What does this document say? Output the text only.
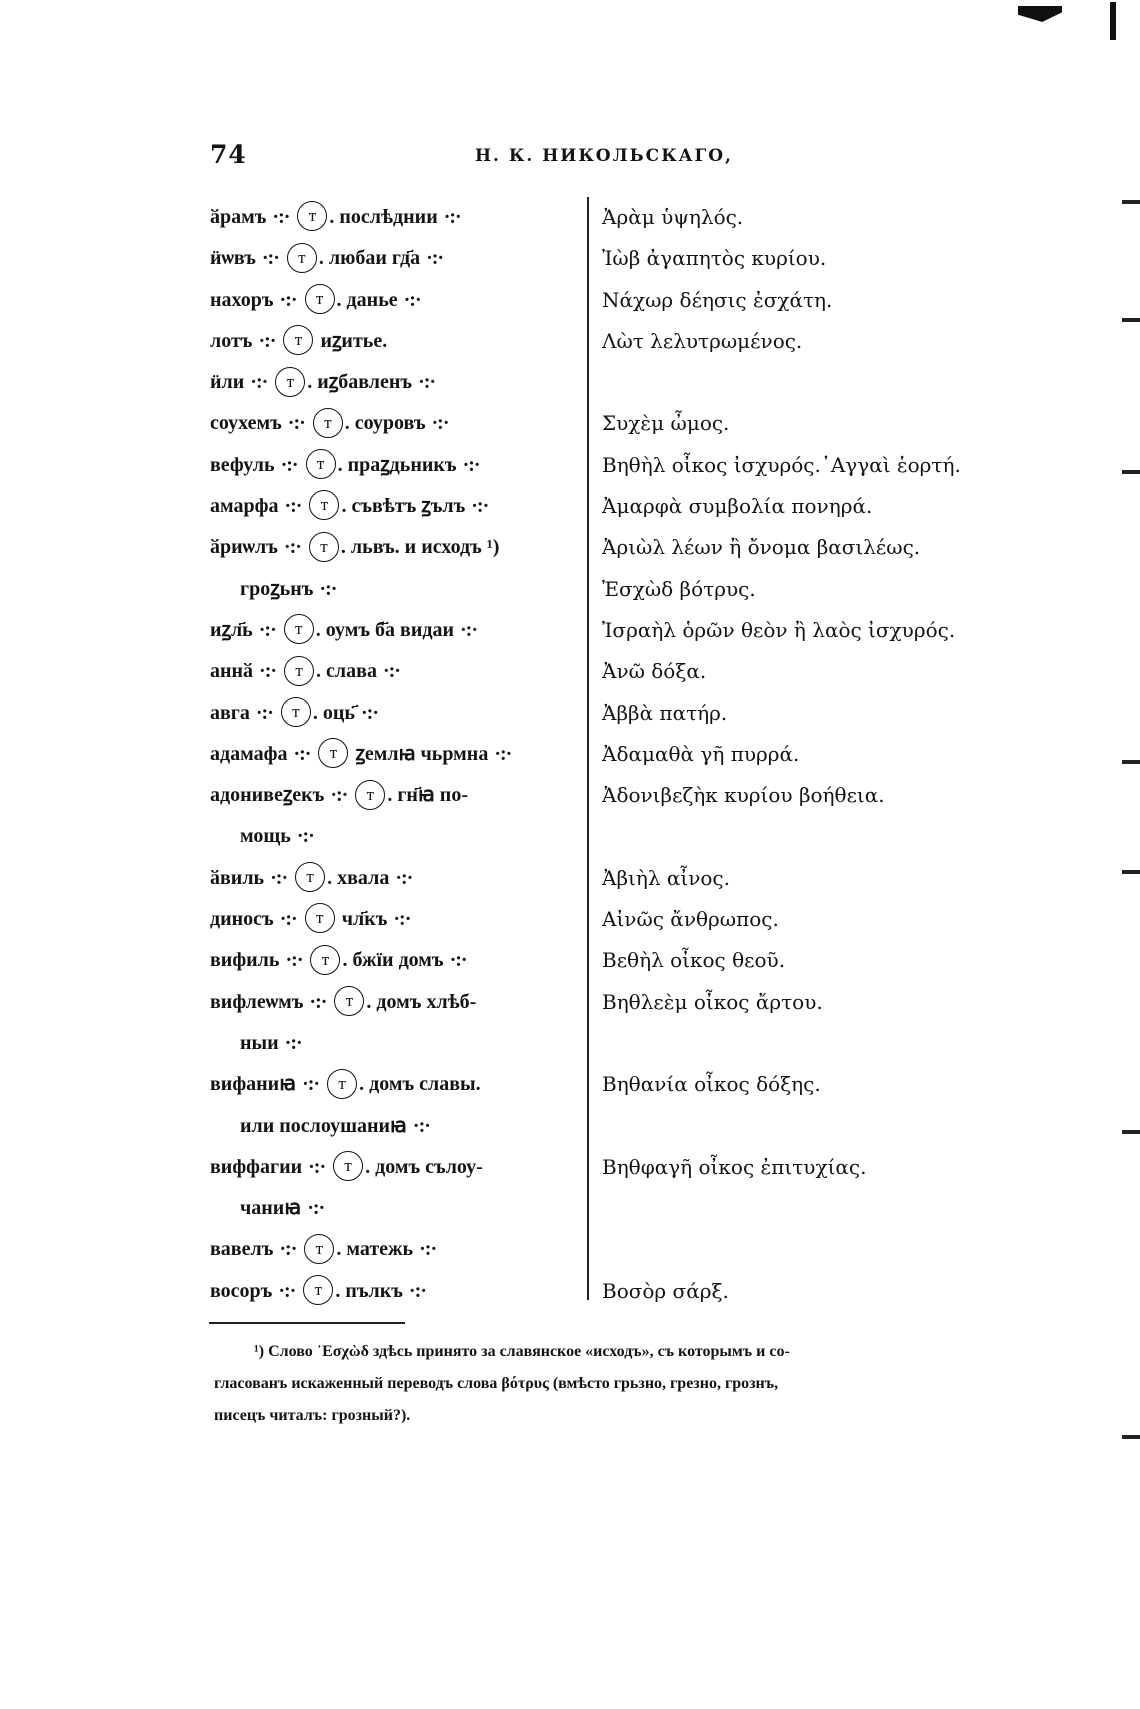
74	Н. К. НИКОЛЬСКАГО,
ӑрамъ ·:· т . послѣднии ·:·	Ἀρὰμ ὑψηλός.
ӥѡвъ ·:· т . любаи гд҃а ·:·	Ἰὼβ ἀγαπητὸς κυρίου.
нахоръ ·:· т . данье ·:·	Νάχωρ δέησις ἐσχάτη.
лотъ ·:· т иꙁитье.	Λὼτ λελυτρωμένος.
ӥли ·:· т . иꙁбавленъ ·:·
соухемъ ·:· т . соуровъ ·:·	Συχὲμ ὦμος.
вефуль ·:· т . праꙁдьникъ ·:·	Βηθὴλ οἶκος ἰσχυρός.᾿Αγγαὶ ἑορτή.
амарфа ·:· т . съвѣтъ ꙁълъ ·:·	Ἀμαρφὰ συμβολία πονηρά.
ӑриѡлъ ·:· т . львъ. и исходъ ¹)	Ἀριὼλ λέων ἢ ὄνομα βασιλέως.
гроꙁьнъ ·:·	Ἐσχὼδ βότρυς.
иꙁл҃ь ·:· т . оумъ б҃а видаи ·:·	Ἰσραὴλ ὁρῶν θεὸν ἢ λαὸς ἰσχυρός.
аннӑ ·:· т . слава ·:·	Ἀνῶ δόξα.
авга ·:· т . оць҃ ·:·	Ἀββὰ πατήρ.
адамафа ·:· т ꙁемлꙗ чьрмна ·:·	Ἀδαμαθὰ γῆ πυρρά.
адонивеꙁекъ ·:· т . гн҃ꙗ по-	Ἀδονιβεζὴκ κυρίου βοήθεια.
мощь ·:·
ӑвиль ·:· т . хвала ·:·	Ἀβιὴλ αἶνος.
диносъ ·:· т чл҃къ ·:·	Αἰνῶς ἄνθρωπος.
вифиль ·:· т . бжїи домъ ·:·	Βεθὴλ οἶκος θεοῦ.
вифлеѡмъ ·:· т . домъ хлѣб-	Βηθλεὲμ οἶκος ἄρτου.
ныи ·:·
вифаниꙗ ·:· т . домъ славы.	Βηθανία οἶκος δόξης.
или послоушаниꙗ ·:·
виффагии ·:· т . домъ сълоу-	Βηθφαγῆ οἶκος ἐπιτυχίας.
чаниꙗ ·:·
вавелъ ·:· т . матежь ·:·
восоръ ·:· т . пълкъ ·:·	Βοσὸρ σάρξ.
¹) Слово ᾿Εσχὼδ здѣсь принято за славянское «исходъ», съ которымъ и со-
гласованъ искаженный переводъ слова βότρυς (вмѣсто грьзно, грезно, грознъ,
писецъ читалъ: грозный?).
